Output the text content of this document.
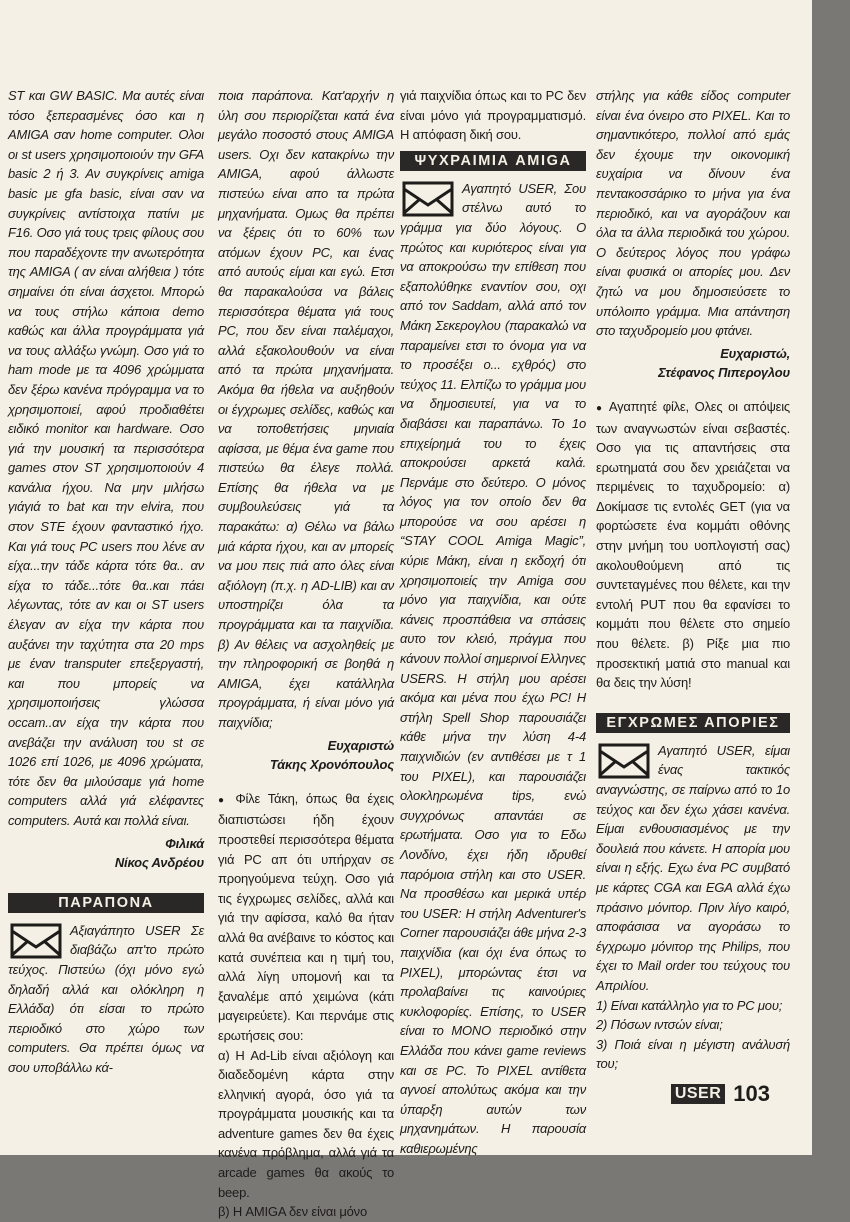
ST και GW BASIC. Μα αυτές είναι τόσο ξεπερασμένες όσο και η AMIGA σαν home computer. Ολοι οι st users χρησιμοποιούν την GFA basic 2 ή 3. Αν συγκρίνεις amiga basic με gfa basic, είναι σαν να συγκρίνεις αντίστοιχα πατίνι με F16. Οσο γιά τους τρεις φίλους σου που παραδέχοντε την ανωτερότητα της AMIGA ( αν είναι αλήθεια ) τότε σημαίνει ότι είναι άσχετοι. Μπορώ να τους στήλω κάποια demo καθώς και άλλα προγράμματα γιά να τους αλλάξω γνώμη. Οσο γιά το ham mode με τα 4096 χρώμματα δεν ξέρω κανένα πρόγραμμα να το χρησιμοποιεί, αφού προδιαθέτει ειδικό monitor και hardware. Οσο γιά την μουσική τα περισσότερα games στον ST χρησιμοποιούν 4 κανάλια ήχου. Να μην μιλήσω γιάγιά το bat και την elvira, που στον STE έχουν φανταστικό ήχο. Και γιά τους PC users που λένε αν είχα...την τάδε κάρτα τότε θα.. αν είχα το τάδε...τότε θα..και πάει λέγωντας, τότε αν και οι ST users έλεγαν αν είχα την κάρτα που αυξάνει την ταχύτητα στα 20 mps με έναν transputer επεξεργαστή, και που μπορείς να χρησιμοποιήσεις γλώσσα occam..αν είχα την κάρτα που ανεβάζει την ανάλυση του st σε 1026 επί 1026, με 4096 χρώματα, τότε δεν θα μιλούσαμε γιά home computers αλλά γιά ελέφαντες computers. Αυτά και πολλά είναι.

Φιλικά
Νίκος Ανδρέου
ΠΑΡΑΠΟΝΑ

Αξιαγάπητο USER Σε διαβάζω απ'το πρώτο τεύχος. Πιστεύω (όχι μόνο εγώ δηλαδή αλλά και ολόκληρη η Ελλάδα) ότι είσαι το πρώτο περιοδικό στο χώρο των computers. Θα πρέπει όμως να σου υποβάλλω κά-

ποια παράπονα. Κατ'αρχήν η ύλη σου περιορίζεται κατά ένα μεγάλο ποσοστό στους AMIGA users. Οχι δεν κατακρίνω την AMIGA, αφού άλλωστε πιστεύω είναι απο τα πρώτα μηχανήματα. Ομως θα πρέπει να ξέρεις ότι το 60% των ατόμων έχουν PC, και ένας από αυτούς είμαι και εγώ. Ετσι θα παρακαλούσα να βάλεις περισσότερα θέματα γιά τους PC, που δεν είναι παλέμαχοι, αλλά εξακολουθούν να είναι από τα πρώτα μηχανήματα. Ακόμα θα ήθελα να αυξηθούν οι έγχρωμες σελίδες, καθώς και να τοποθετήσεις μηνιαία αφίσσα, με θέμα ένα game που πιστεύω θα έλεγε πολλά. Επίσης θα ήθελα να με συμβουλεύσεις γιά τα παρακάτω: α) Θέλω να βάλω μιά κάρτα ήχου, και αν μπορείς να μου πεις πιά απο όλες είναι αξιόλογη (π.χ. η AD-LIB) και αν υποστηρίζει όλα τα προγράμματα και τα παιχνίδια. β) Αν θέλεις να ασχοληθείς με την πληροφορική σε βοηθά η AMIGA, έχει κατάλληλα προγράμματα, ή είναι μόνο γιά παιχνίδια;

Ευχαριστώ
Τάκης Χρονόπουλος

● Φίλε Τάκη, όπως θα έχεις διαπιστώσει ήδη έχουν προστεθεί περισσότερα θέματα γιά PC απ ότι υπήρχαν σε προηγούμενα τεύχη. Οσο γιά τις έγχρωμες σελίδες, αλλά και γιά την αφίσσα, καλό θα ήταν αλλά θα ανέβαινε το κόστος και κατά συνέπεια και η τιμή του, αλλά λίγη υπομονή και τα ξαναλέμε από χειμώνα (κάτι μαγειρεύετε). Και περνάμε στις ερωτήσεις σου:

α) Η Ad-Lib είναι αξιόλογη και διαδεδομένη κάρτα στην ελληνική αγορά, όσο γιά τα προγράμματα μουσικής και τα adventure games δεν θα έχεις κανένα πρόβλημα, αλλά γιά τα arcade games θα ακούς το beep.

β) Η AMIGA δεν είναι μόνο

γιά παιχνίδια όπως και το PC δεν είναι μόνο γιά προγραμματισμό. Η απόφαση δική σου.

ΨΥΧΡΑΙΜΙΑ AMIGA

Αγαπητό USER, Σου στέλνω αυτό το γράμμα για δύο λόγους. Ο πρώτος και κυριότερος είναι για να αποκρούσω την επίθεση που εξαπολύθηκε εναντίον σου, οχι από τον Saddam, αλλά από τον Μάκη Σεκερογλου (παρακαλώ να παραμείνει ετσι το όνομα για να το προσέξει ο... εχθρός) στο τεύχος 11. Ελπίζω το γράμμα μου να δημοσιευτεί, για να το διαβάσει και παραπάνω. Το 1ο επιχείρημά του το έχεις αποκρούσει αρκετά καλά. Περνάμε στο δεύτερο. Ο μόνος λόγος για τον οποίο δεν θα μπορούσε να σου αρέσει η “STAY COOL Amiga Magic”, κύριε Μάκη, είναι η εκδοχή ότι χρησιμοποιείς την Amiga σου μόνο για παιχνίδια, και ούτε κάνεις προσπάθεια να σπάσεις αυτο τον κλειό, πράγμα που κάνουν πολλοί σημερινοί Ελληνες USERS. Η στήλη μου αρέσει ακόμα και μένα που έχω PC! Η στήλη Spell Shop παρουσιάζει κάθε μήνα την λύση 4-4 παιχνιδιών (εν αντιθέσει με τ 1 του PIXEL), και παρουσιάζει ολοκληρωμένα tips, ενώ συγχρόνως απαντάει σε ερωτήματα. Οσο για το Εδω Λονδίνο, έχει ήδη ιδρυθεί παρόμοια στήλη και στο USER. Να προσθέσω και μερικά υπέρ του USER: Η στήλη Adventurer's Corner παρουσιάζει άθε μήνα 2-3 παιχνίδια (και όχι ένα όπως το PIXEL), μπορώντας έτσι να προλαβαίνει τις καινούριες κυκλοφορίες. Επίσης, το USER είναι το MONO περιοδικό στην Ελλάδα που κάνει game reviews και σε PC. Το PIXEL αντίθετα αγνοεί απολύτως ακόμα και την ύπαρξη αυτών των μηχανημάτων. Η παρουσία καθιερωμένης

στήλης για κάθε είδος computer είναι ένα όνειρο στο PIXEL. Και το σημαντικότερο, πολλοί από εμάς δεν έχουμε την οικονομική ευχαίρια να δίνουν ένα πεντακοσσάρικο το μήνα για ένα περιοδικό, και να αγοράζουν και όλα τα άλλα περιοδικά του χώρου. Ο δεύτερος λόγος που γράφω είναι φυσικά οι απορίες μου. Δεν ζητώ να μου δημοσιεύσετε το υπόλοιπο γράμμα. Μια απάντηση στο ταχυδρομείο μου φτάνει.

Ευχαριστώ,
Στέφανος Πιπερογλου

● Αγαπητέ φίλε, Ολες οι απόψεις των αναγνωστών είναι σεβαστές. Οσο για τις απαντήσεις στα ερωτηματά σου δεν χρειάζεται να περιμένεις το ταχυδρομείο: α) Δοκίμασε τις εντολές GET (για να φορτώσετε ένα κομμάτι οθόνης στην μνήμη του υοπλογιστή σας) ακολουθούμενη από τις συντεταγμένες που θέλετε, και την εντολή PUT που θα εφανίσει το κομμάτι που θέλετε στο σημείο που θέλετε. β) Ρίξε μια πιο προσεκτική ματιά στο manual και θα δεις την λύση!

ΕΓΧΡΩΜΕΣ ΑΠΟΡΙΕΣ

Αγαπητό USER, είμαι ένας τακτικός αναγνώστης, σε παίρνω από το 1ο τεύχος και δεν έχω χάσει κανένα. Είμαι ενθουσιασμένος με την δουλειά που κάνετε. Η απορία μου είναι η εξής. Εχω ένα PC συμβατό με κάρτες CGA και EGA αλλά έχω πράσινο μόνιτορ. Πριν λίγο καιρό, αποφάσισα να αγοράσω το έγχρωμο μόνιτορ της Philips, που έχει το Mail order του τεύχους του Απριλίου.

1) Είναι κατάλληλο για το PC μου;

2) Πόσων ιντσών είναι;

3) Ποιά είναι η μέγιστη ανάλυσή του;

USER 103
